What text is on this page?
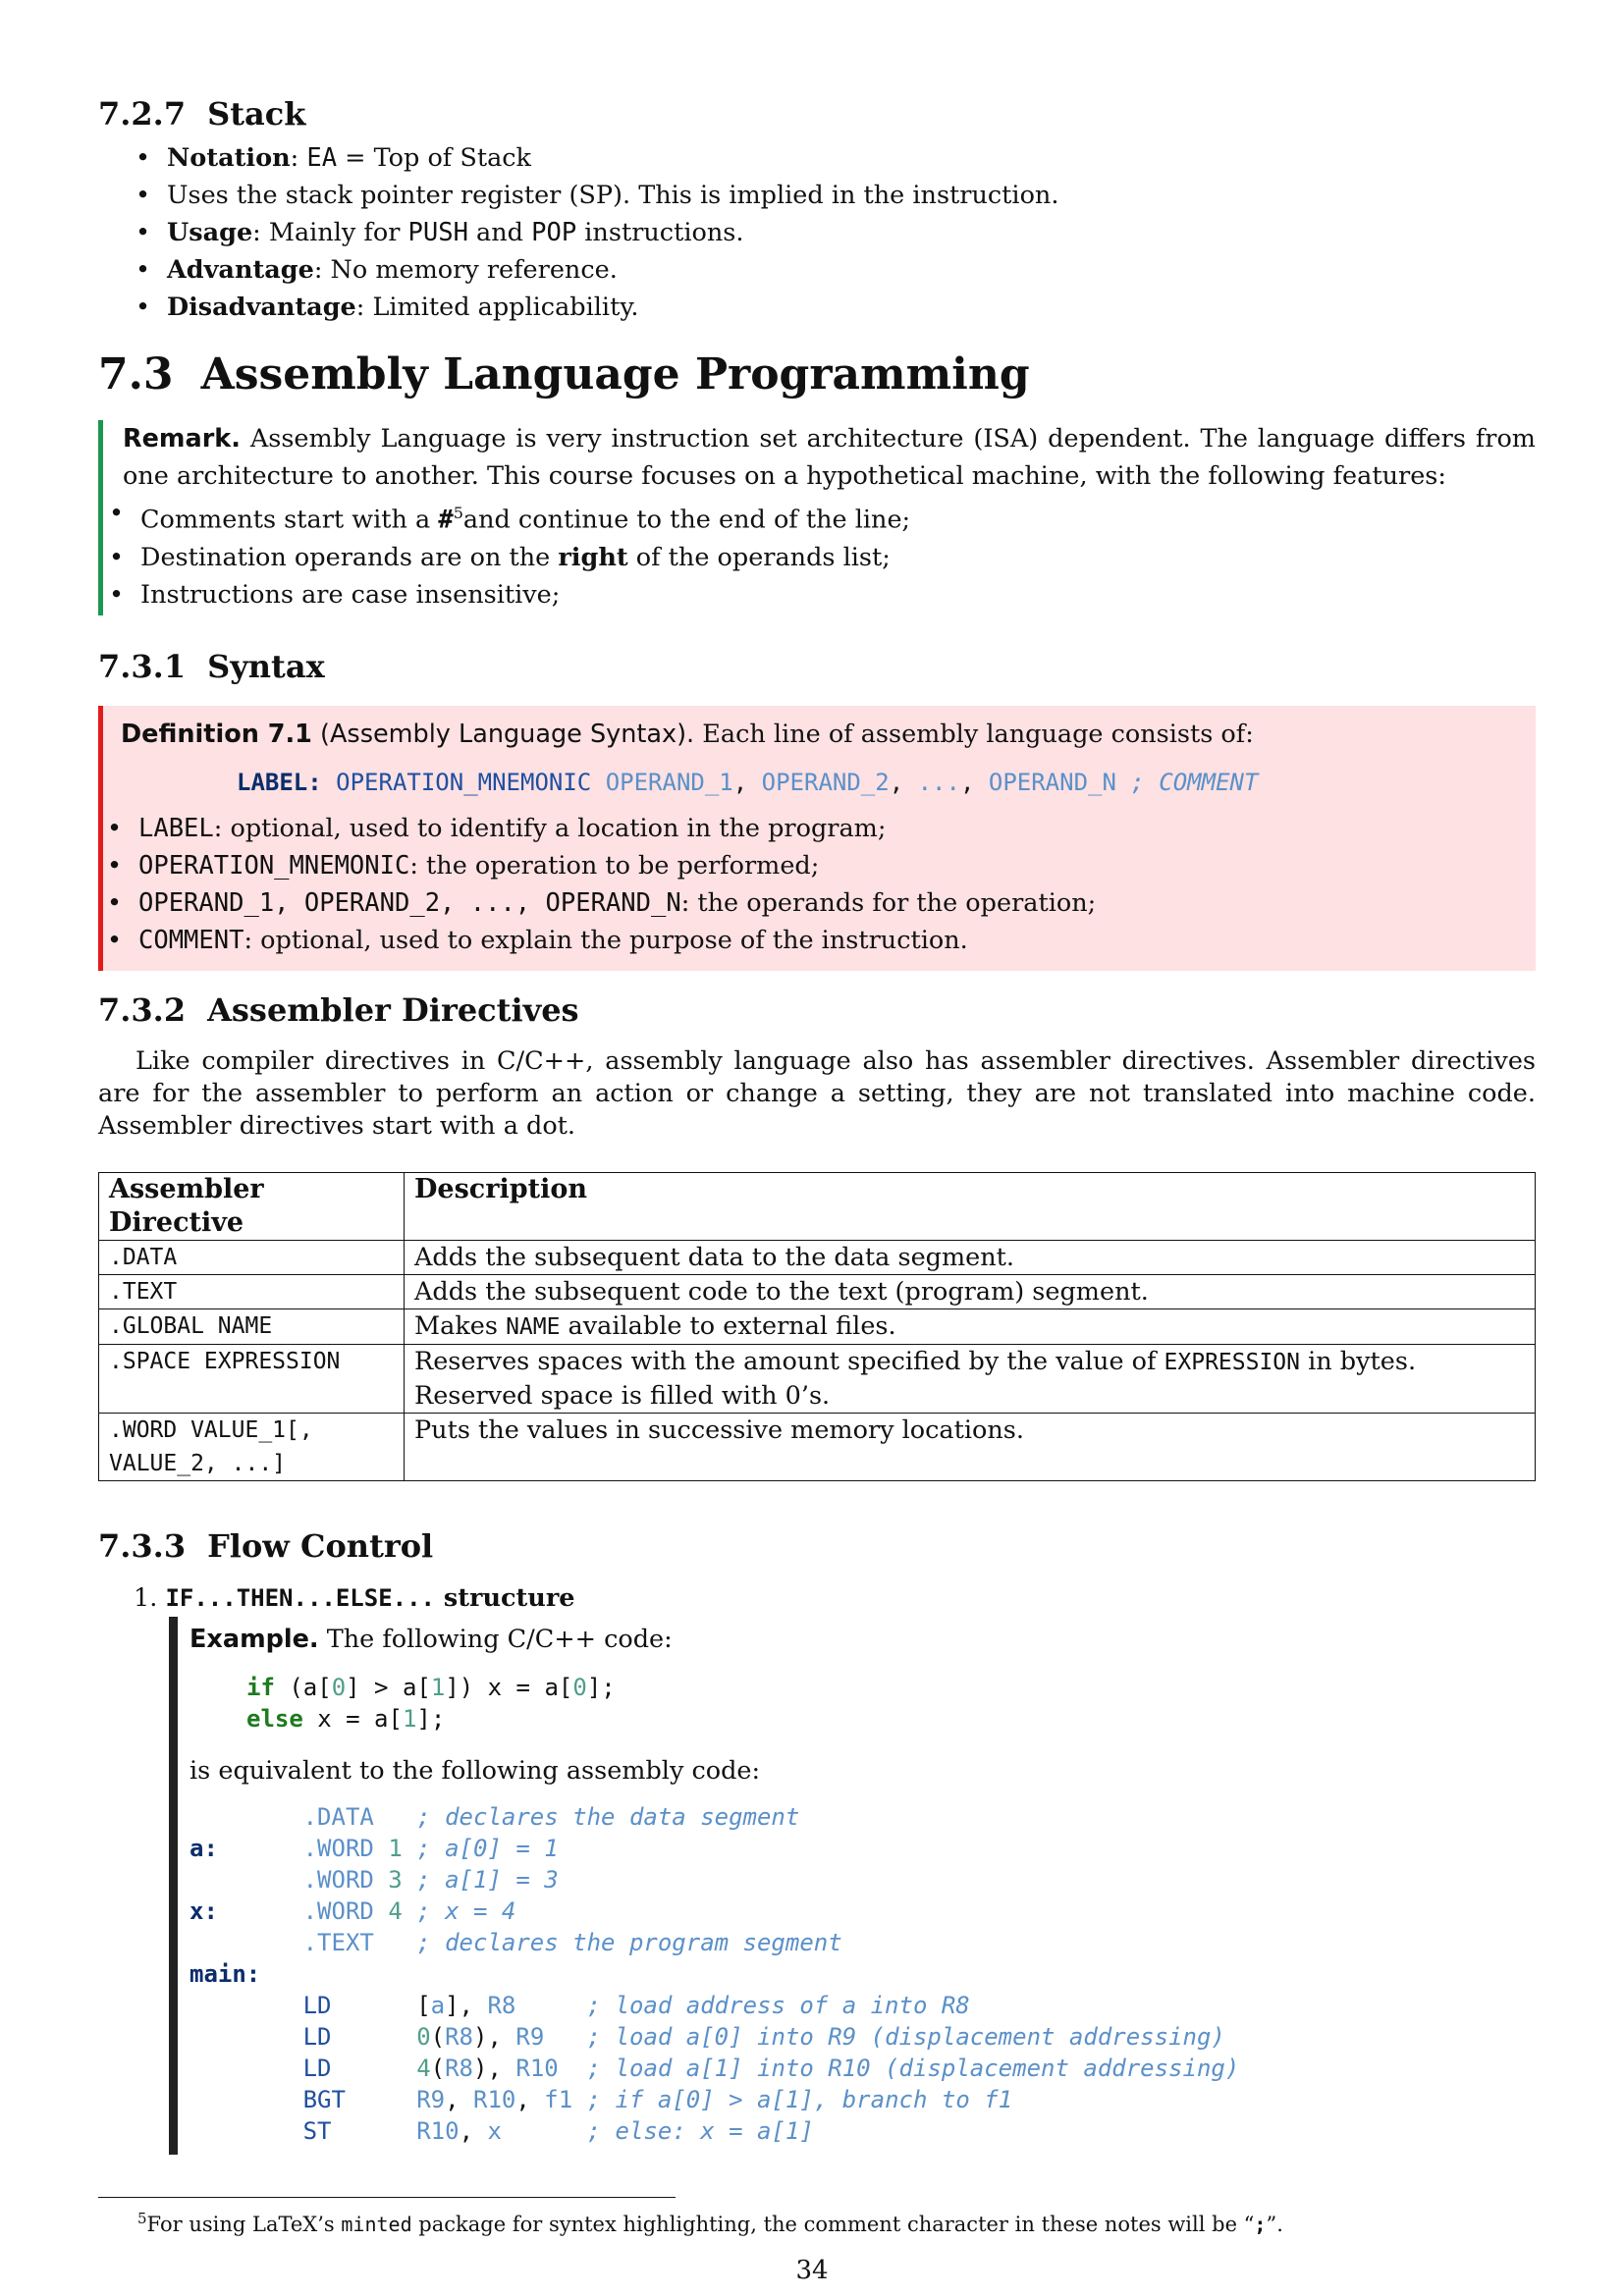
7.2.7 Stack
• Notation: EA = Top of Stack
• Uses the stack pointer register (SP). This is implied in the instruction.
• Usage: Mainly for PUSH and POP instructions.
• Advantage: No memory reference.
• Disadvantage: Limited applicability.
7.3 Assembly Language Programming
Remark. Assembly Language is very instruction set architecture (ISA) dependent. The language differs from one architecture to another. This course focuses on a hypothetical machine, with the following features:
• Comments start with a #$^5$and continue to the end of the line;
• Destination operands are on the right of the operands list;
• Instructions are case insensitive;
7.3.1 Syntax
Definition 7.1 (Assembly Language Syntax). Each line of assembly language consists of:
LABEL: OPERATION_MNEMONIC OPERAND_1, OPERAND_2, ..., OPERAND_N ; COMMENT
• LABEL: optional, used to identify a location in the program;
• OPERATION_MNEMONIC: the operation to be performed;
• OPERAND_1, OPERAND_2, ..., OPERAND_N: the operands for the operation;
• COMMENT: optional, used to explain the purpose of the instruction.
7.3.2 Assembler Directives

Like compiler directives in C/C++, assembly language also has assembler directives. Assembler directives are for the assembler to perform an action or change a setting, they are not translated into machine code. Assembler directives start with a dot.

Assembler Directive	Description
.DATA	Adds the subsequent data to the data segment.
.TEXT	Adds the subsequent code to the text (program) segment.
.GLOBAL NAME	Makes NAME available to external files.
.SPACE EXPRESSION	Reserves spaces with the amount specified by the value of EXPRESSION in bytes. Reserved space is filled with 0’s.
.WORD VALUE_1[, VALUE_2, ...]	Puts the values in successive memory locations.
7.3.3 Flow Control
1. IF...THEN...ELSE... structure
Example. The following C/C++ code:
if (a[0] > a[1]) x = a[0];
else x = a[1];
is equivalent to the following assembly code:
.DATA ; declares the data segment
a:	.WORD 1 ; a[0] = 1
.WORD 3 ; a[1] = 3
x:	.WORD 4 ; x = 4
.TEXT ; declares the program segment
main:
LD      [a], R8	; load address of a into R8
LD	0(R8), R9 ; load a[0] into R9 (displacement addressing)
LD	4(R8), R10 ; load a[1] into R10 (displacement addressing)
BGT	R9, R10, f1 ; if a[0] > a[1], branch to f1
ST	R10, x	; else: x = a[1]
$^5$For using LaTeX’s minted package for syntex highlighting, the comment character in these notes will be “;”.
34
